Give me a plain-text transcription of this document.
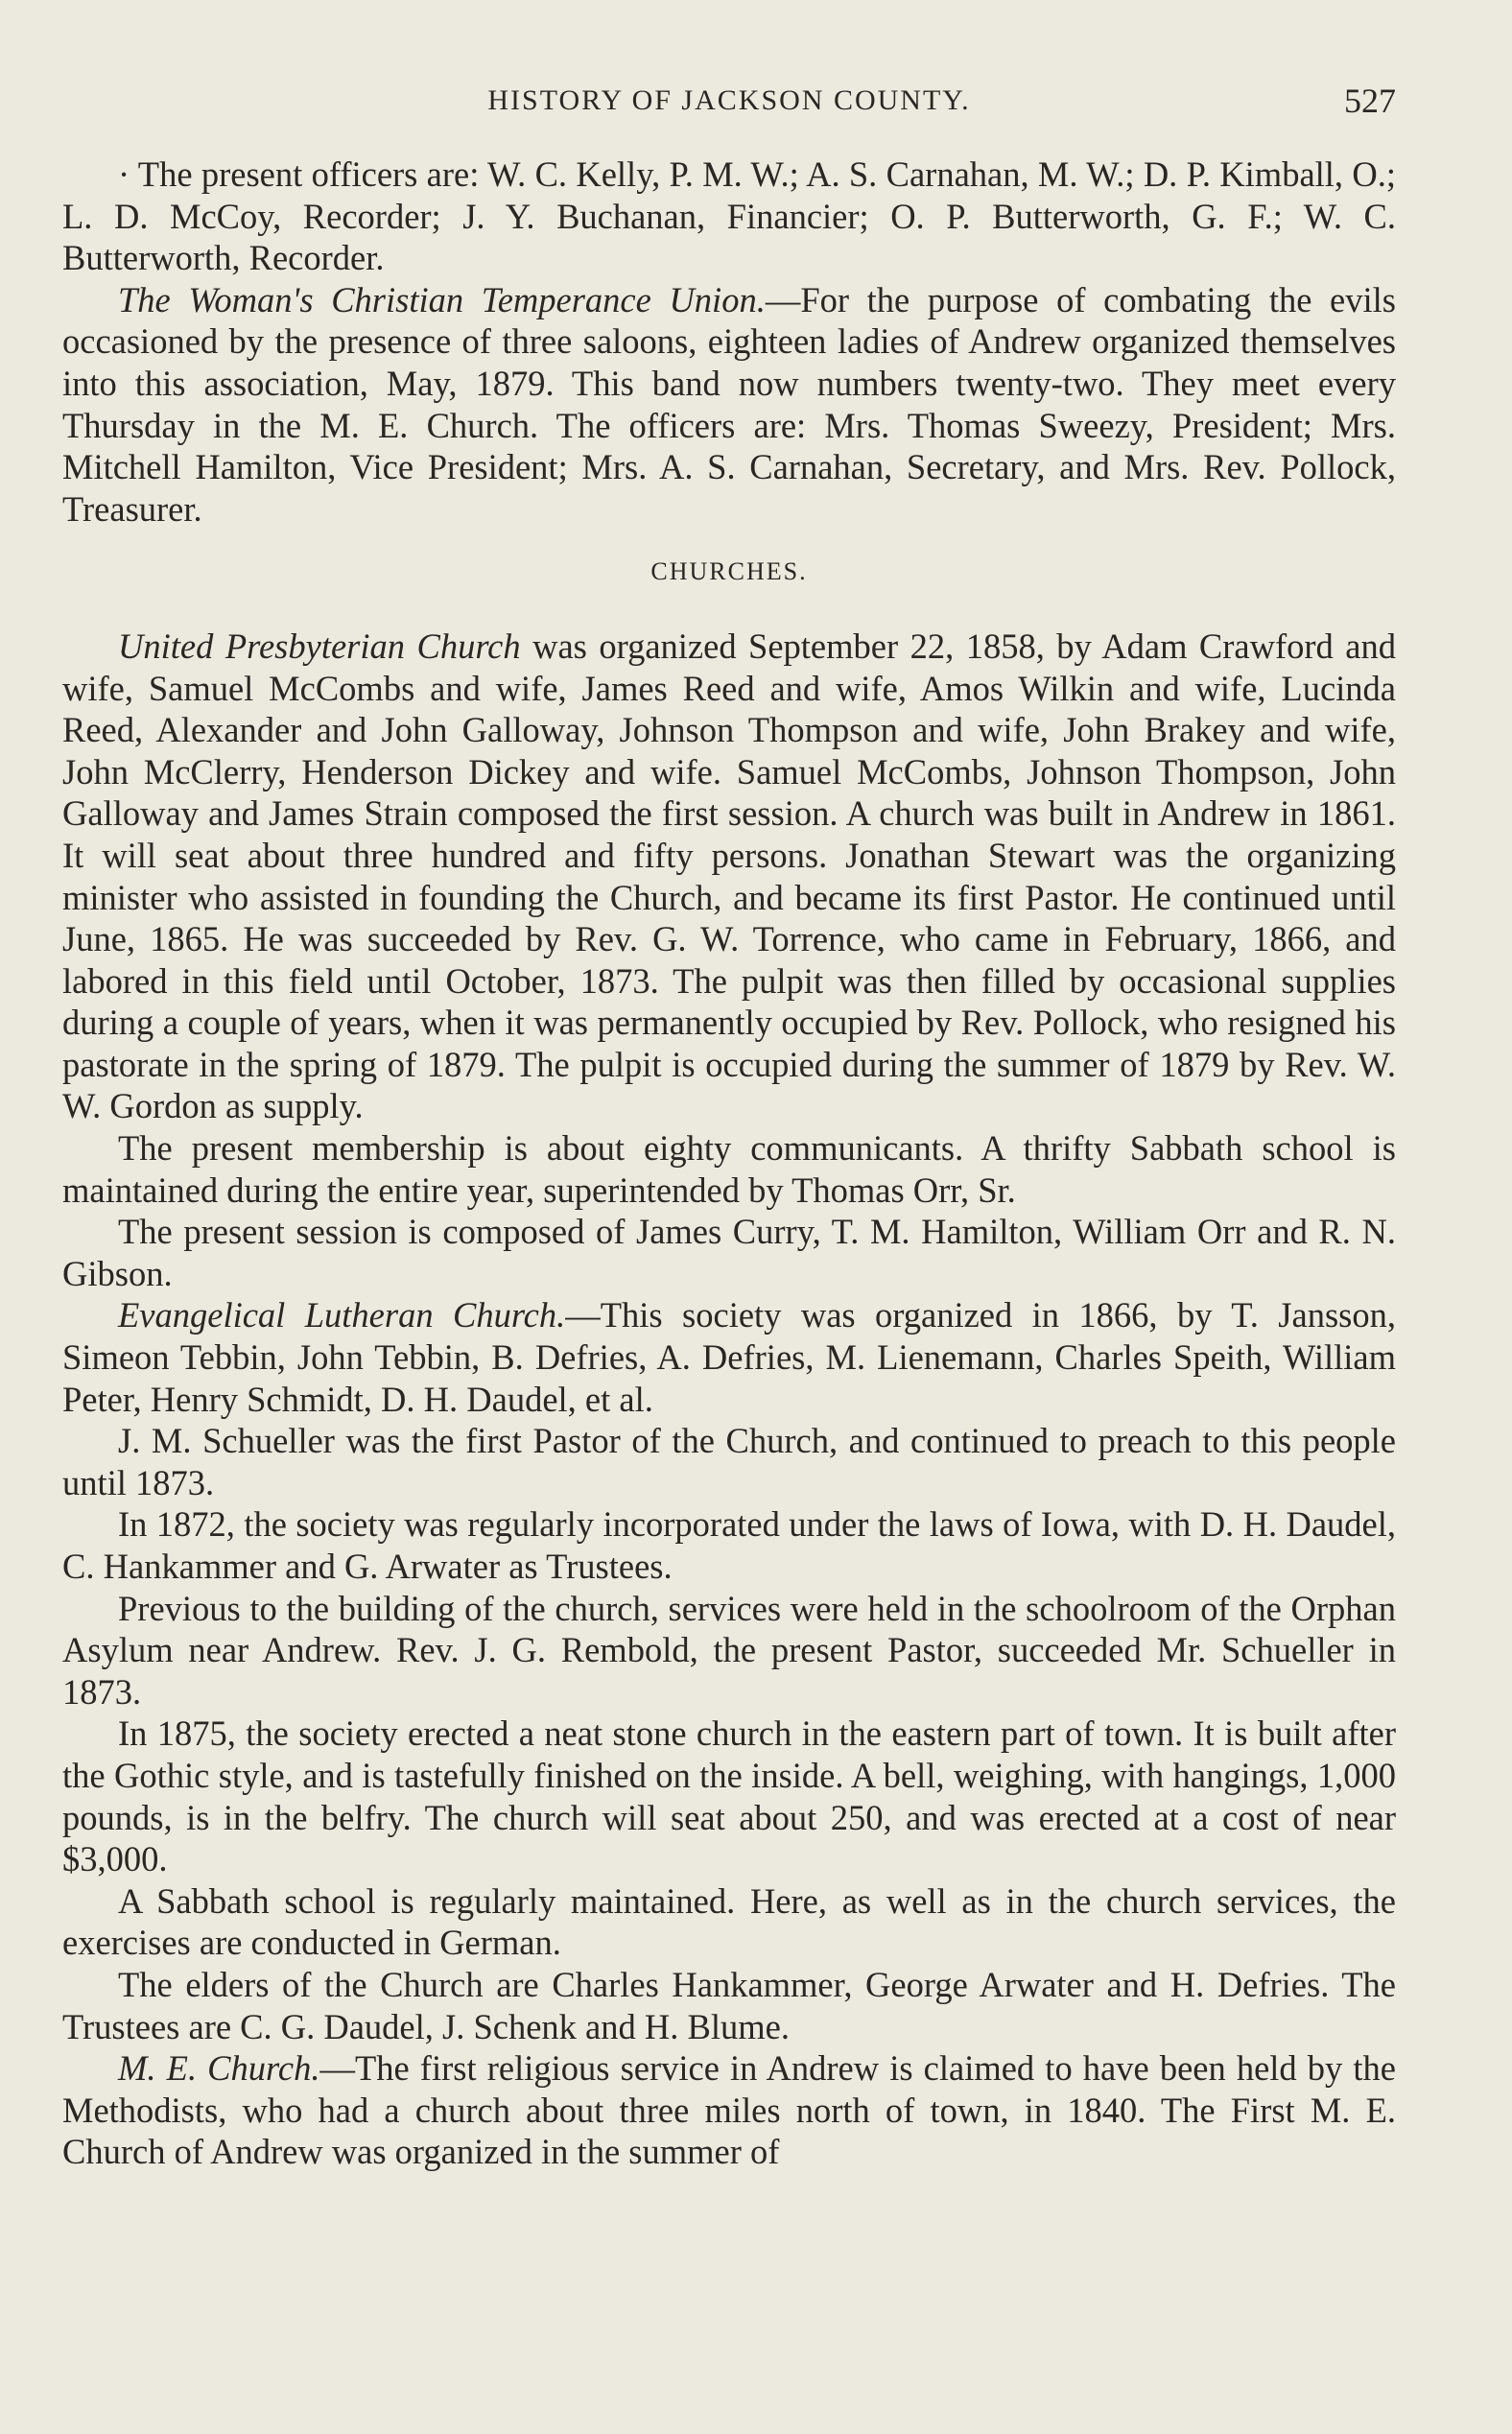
HISTORY OF JACKSON COUNTY.	527

· The present officers are: W. C. Kelly, P. M. W.; A. S. Carnahan, M. W.; D. P. Kimball, O.; L. D. McCoy, Recorder; J. Y. Buchanan, Financier; O. P. Butterworth, G. F.; W. C. Butterworth, Recorder.

The Woman's Christian Temperance Union.—For the purpose of combating the evils occasioned by the presence of three saloons, eighteen ladies of Andrew organized themselves into this association, May, 1879. This band now numbers twenty-two. They meet every Thursday in the M. E. Church. The officers are: Mrs. Thomas Sweezy, President; Mrs. Mitchell Hamilton, Vice President; Mrs. A. S. Carnahan, Secretary, and Mrs. Rev. Pollock, Treasurer.

CHURCHES.

United Presbyterian Church was organized September 22, 1858, by Adam Crawford and wife, Samuel McCombs and wife, James Reed and wife, Amos Wilkin and wife, Lucinda Reed, Alexander and John Galloway, Johnson Thompson and wife, John Brakey and wife, John McClerry, Henderson Dickey and wife. Samuel McCombs, Johnson Thompson, John Galloway and James Strain composed the first session. A church was built in Andrew in 1861. It will seat about three hundred and fifty persons. Jonathan Stewart was the organizing minister who assisted in founding the Church, and became its first Pastor. He continued until June, 1865. He was succeeded by Rev. G. W. Torrence, who came in February, 1866, and labored in this field until October, 1873. The pulpit was then filled by occasional supplies during a couple of years, when it was permanently occupied by Rev. Pollock, who resigned his pastorate in the spring of 1879. The pulpit is occupied during the summer of 1879 by Rev. W. W. Gordon as supply.

The present membership is about eighty communicants. A thrifty Sabbath school is maintained during the entire year, superintended by Thomas Orr, Sr.

The present session is composed of James Curry, T. M. Hamilton, William Orr and R. N. Gibson.

Evangelical Lutheran Church.—This society was organized in 1866, by T. Jansson, Simeon Tebbin, John Tebbin, B. Defries, A. Defries, M. Lienemann, Charles Speith, William Peter, Henry Schmidt, D. H. Daudel, et al.

J. M. Schueller was the first Pastor of the Church, and continued to preach to this people until 1873.

In 1872, the society was regularly incorporated under the laws of Iowa, with D. H. Daudel, C. Hankammer and G. Arwater as Trustees.

Previous to the building of the church, services were held in the schoolroom of the Orphan Asylum near Andrew. Rev. J. G. Rembold, the present Pastor, succeeded Mr. Schueller in 1873.

In 1875, the society erected a neat stone church in the eastern part of town. It is built after the Gothic style, and is tastefully finished on the inside. A bell, weighing, with hangings, 1,000 pounds, is in the belfry. The church will seat about 250, and was erected at a cost of near $3,000.

A Sabbath school is regularly maintained. Here, as well as in the church services, the exercises are conducted in German.

The elders of the Church are Charles Hankammer, George Arwater and H. Defries. The Trustees are C. G. Daudel, J. Schenk and H. Blume.

M. E. Church.—The first religious service in Andrew is claimed to have been held by the Methodists, who had a church about three miles north of town, in 1840. The First M. E. Church of Andrew was organized in the summer of
